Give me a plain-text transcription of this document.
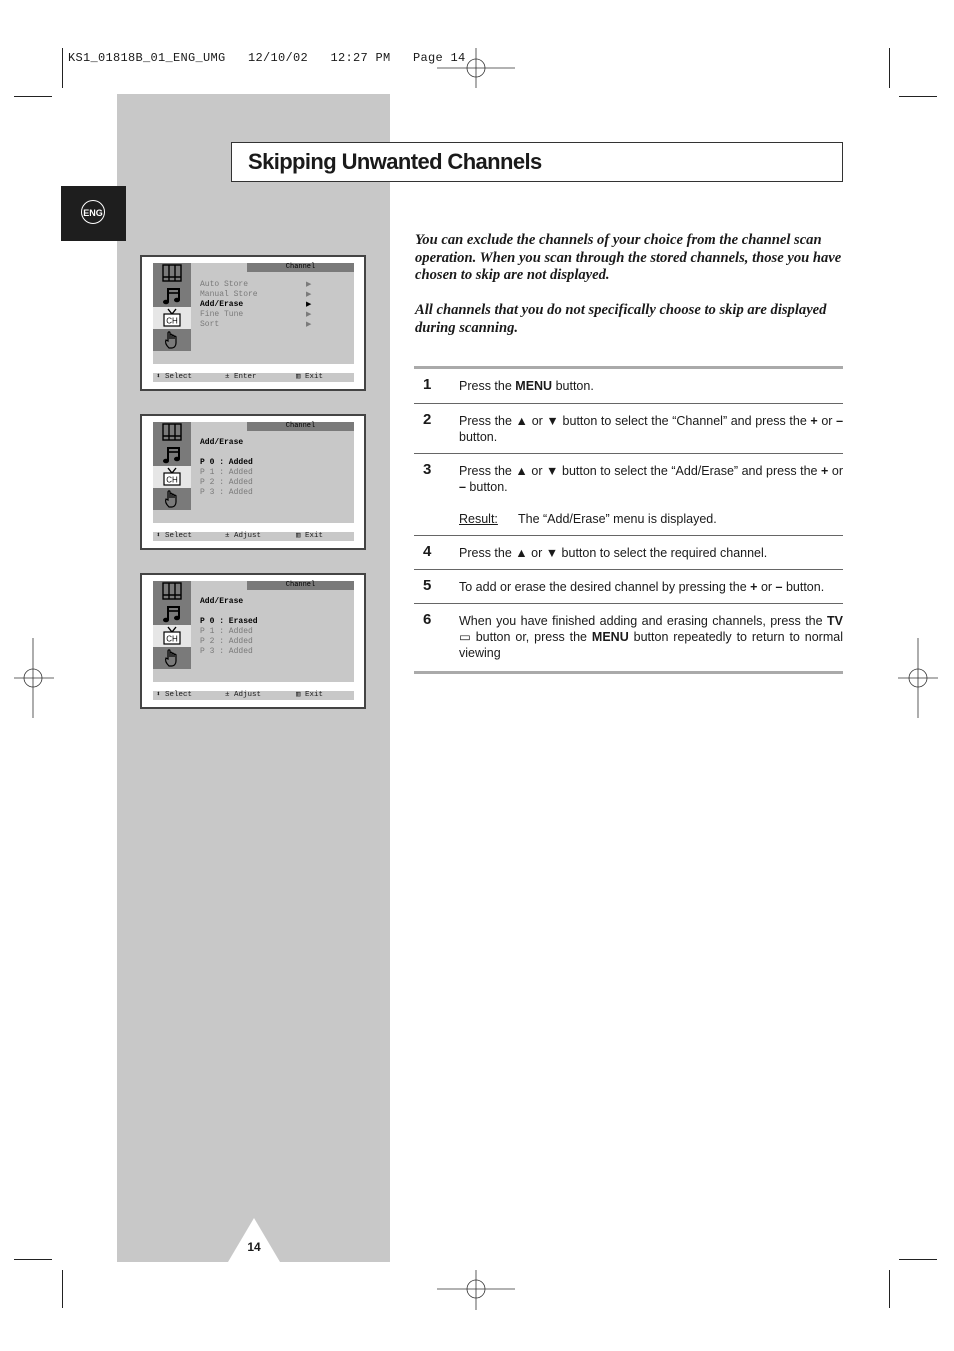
KS1_01818B_01_ENG_UMG   12/10/02   12:27 PM   Page 14
ENG
Skipping Unwanted Channels

You can exclude the channels of your choice from the channel scan operation. When you scan through the stored channels, those you have chosen to skip are not displayed.

All channels that you do not specifically choose to skip are displayed during scanning.

1 Press the MENU button.
2 Press the ▲ or ▼ button to select the “Channel” and press the + or – button.
3 Press the ▲ or ▼ button to select the “Add/Erase” and press the + or – button.
Result: The “Add/Erase” menu is displayed.
4 Press the ▲ or ▼ button to select the required channel.
5 To add or erase the desired channel by pressing the + or – button.
6 When you have finished adding and erasing channels, press the TV ▭ button or, press the MENU button repeatedly to return to normal viewing
CH
Channel
Auto Store	▶
Manual Store	▶
Add/Erase	▶
Fine Tune	▶
Sort	▶
⬍ Select	± Enter	▥ Exit
CH
Channel
Add/Erase
P 0 : Added
P 1 : Added
P 2 : Added
P 3 : Added
⬍ Select	± Adjust	▥ Exit
CH
Channel
Add/Erase
P 0 : Erased
P 1 : Added
P 2 : Added
P 3 : Added
⬍ Select	± Adjust	▥ Exit
14
